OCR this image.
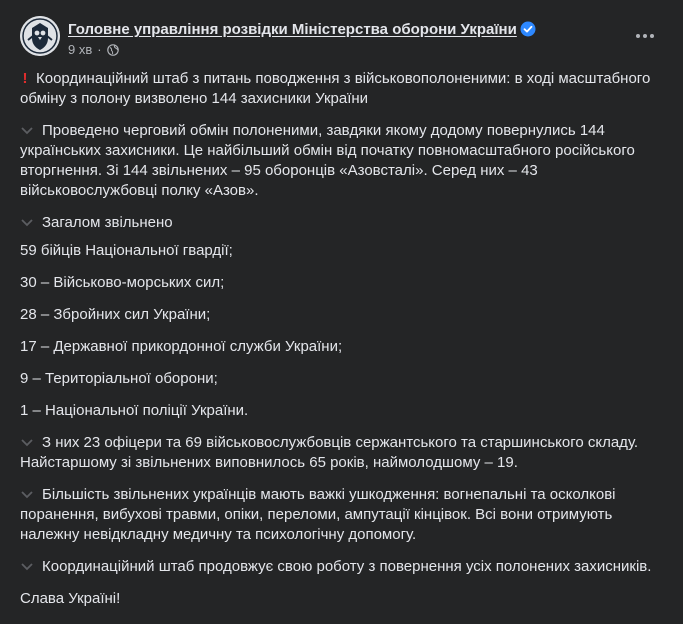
Головне управління розвідки Міністерства оборони України
9 хв ·

! Координаційний штаб з питань поводження з військовополоненими: в ході масштабного обміну з полону визволено 144 захисники України

Проведено черговий обмін полоненими, завдяки якому додому повернулись 144 українських захисники. Це найбільший обмін від початку повномасштабного російського вторгнення. Зі 144 звільнених – 95 оборонців «Азовсталі». Серед них – 43 військовослужбовці полку «Азов».

Загалом звільнено

59 бійців Національної гвардії;

30 – Військово-морських сил;

28 – Збройних сил України;

17 – Державної прикордонної служби України;

9 – Територіальної оборони;

1 – Національної поліції України.

З них 23 офіцери та 69 військовослужбовців сержантського та старшинського складу. Найстаршому зі звільнених виповнилось 65 років, наймолодшому – 19.

Більшість звільнених українців мають важкі ушкодження: вогнепальні та осколкові поранення, вибухові травми, опіки, переломи, ампутації кінцівок. Всі вони отримують належну невідкладну медичну та психологічну допомогу.

Координаційний штаб продовжує свою роботу з повернення усіх полонених захисників.

Слава Україні!
